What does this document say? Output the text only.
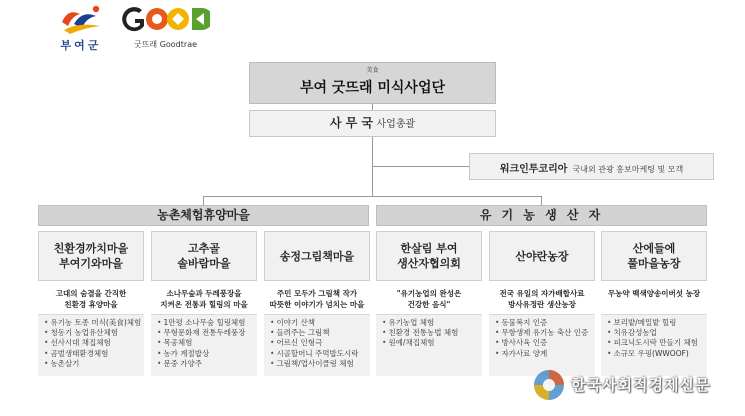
부여군	굿뜨래 Goodtrae
美食
부여 굿뜨래 미식사업단
사 무 국 사업총괄
워크인투코리아 국내외 관광 홍보마케팅 및 모객
농촌체험휴양마을	유 기 농 생 산 자
친환경까치마을
부여기와마을
고대의 숨결을 간직한
친환경 휴양마을
• 유기농 토종 미식(美食)체험
• 청동기 농업유산체험
• 선사시대 채집체험
• 곰벌생태환경체험
• 농촌살기
고추골
솔바람마을
소나무숲과 두레풍장을
지켜온 전통과 힐링의 마을
• 1만평 소나무숲 힐링체험
• 무형문화재 전통두레풍장
• 목공체험
• 농가 계절밥상
• 문중 가양주
송정그림책마을
주민 모두가 그림책 작가
따뜻한 이야기가 넘치는 마을
• 이야기 산책
• 들려주는 그림책
• 어르신 인형극
• 시골할머니 주먹밥도시락
• 그림책/업사이클링 체험
한살림 부여
생산자협의회
"유기농업의 완성은
건강한 음식"
• 유기농업 체험
• 친환경 전통농법 체험
• 원예/채집체험
산야란농장
전국 유일의 자가배합사료
방사유정란 생산농장
• 동물복지 인증
• 무항생제 유기농 축산 인증
• 방사사육 인증
• 자가사료 양계
산에들에
풀마을농장
무농약 백색양송이버섯 농장
• 보리밭/메밀밭 힐링
• 치유감성농업
• 피크닉도시락 만들기 체험
• 소규모 우핑(WWOOF)
한국사회적경제신문
